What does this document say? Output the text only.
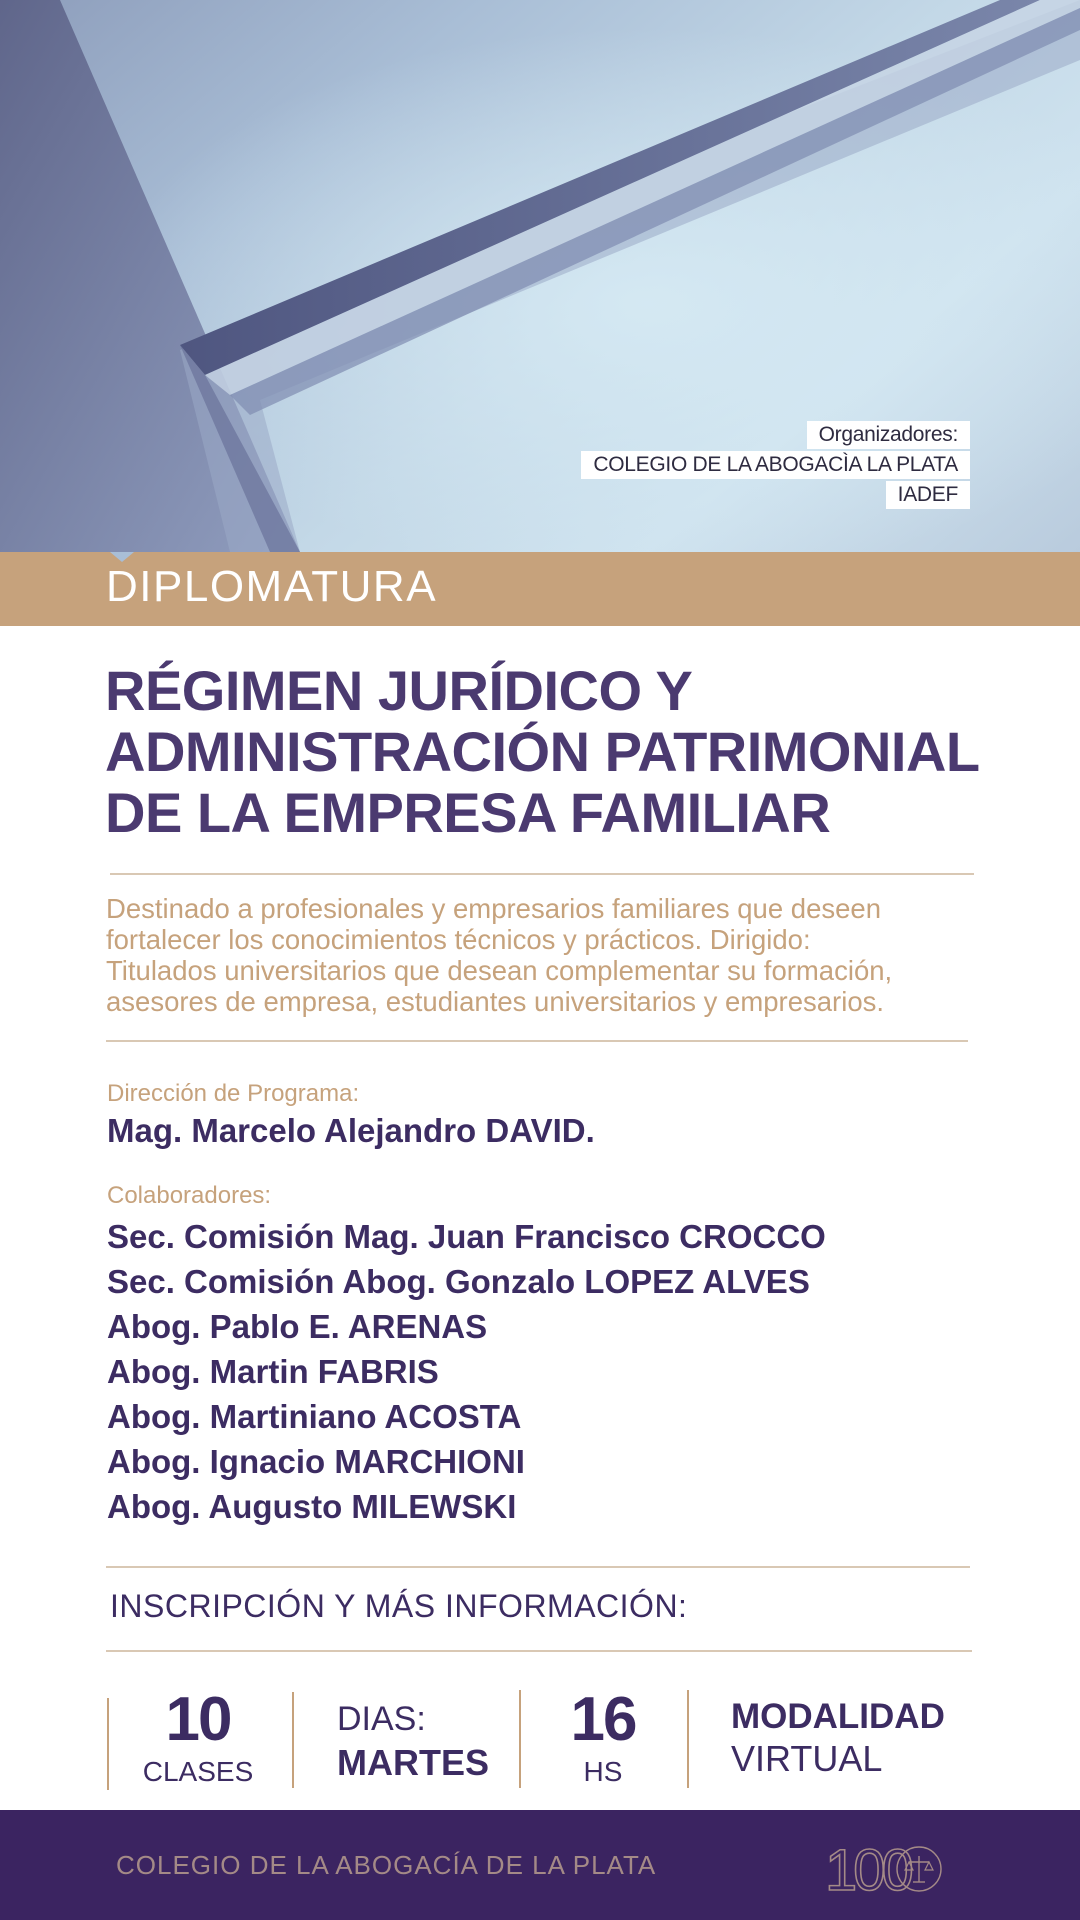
Organizadores:
COLEGIO DE LA ABOGACÌA LA PLATA
IADEF
DIPLOMATURA
RÉGIMEN JURÍDICO Y
ADMINISTRACIÓN PATRIMONIAL
DE LA EMPRESA FAMILIAR
Destinado a profesionales y empresarios familiares que deseen
fortalecer los conocimientos técnicos y prácticos. Dirigido:
Titulados universitarios que desean complementar su formación,
asesores de empresa, estudiantes universitarios y empresarios.
Dirección de Programa:
Mag. Marcelo Alejandro DAVID.
Colaboradores:
Sec. Comisión Mag. Juan Francisco CROCCO
Sec. Comisión Abog. Gonzalo LOPEZ ALVES
Abog. Pablo E. ARENAS
Abog. Martin FABRIS
Abog. Martiniano ACOSTA
Abog. Ignacio MARCHIONI
Abog. Augusto MILEWSKI
INSCRIPCIÓN Y MÁS INFORMACIÓN:
10
CLASES
DIAS:
MARTES
16
HS
MODALIDAD
VIRTUAL
COLEGIO DE LA ABOGACÍA DE LA PLATA	100
